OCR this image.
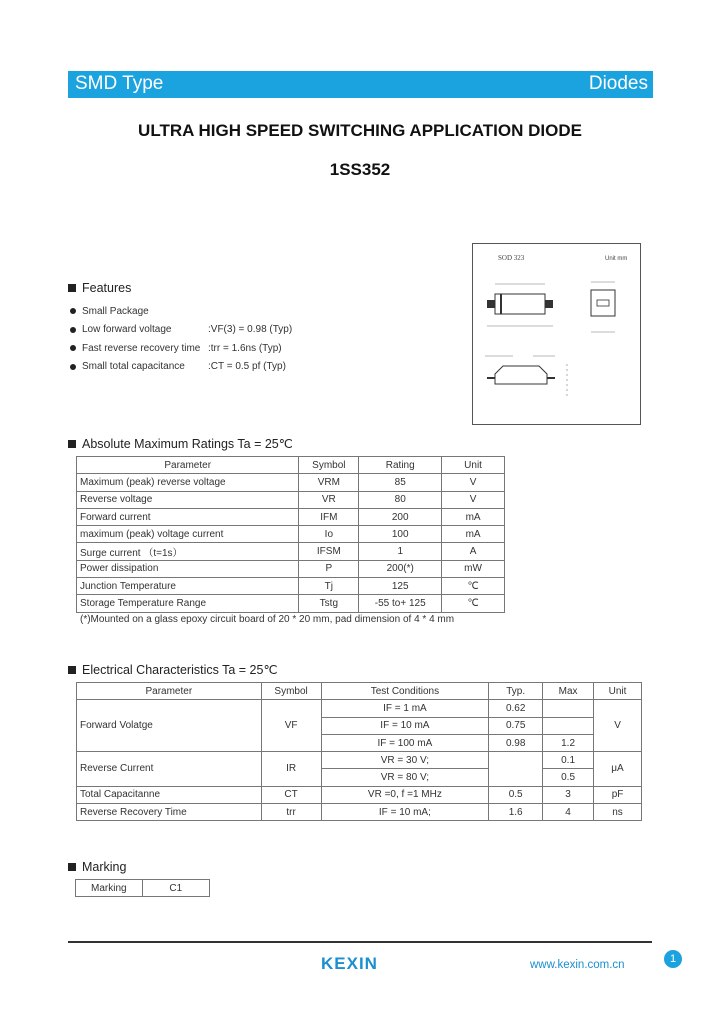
SMD Type	Diodes
ULTRA HIGH SPEED SWITCHING APPLICATION DIODE
1SS352
Features
Small Package
Low forward voltage	:VF(3) = 0.98 (Typ)
Fast reverse recovery time :trr = 1.6ns (Typ)
Small total capacitance	:CT = 0.5 pf (Typ)
SOD 323	Unit mm
Absolute Maximum Ratings Ta = 25℃
Parameter	Symbol	Rating	Unit
Maximum (peak) reverse voltage	VRM	85	V
Reverse voltage	VR	80	V
Forward current	IFM	200	mA
maximum (peak) voltage current	Io	100	mA
Surge current （t=1s）	IFSM	1	A
Power dissipation	P	200(*)	mW
Junction Temperature	Tj	125	℃
Storage Temperature Range	Tstg	-55 to+ 125	℃
(*)Mounted on a glass epoxy circuit board of 20 * 20 mm, pad dimension of 4 * 4 mm
Electrical Characteristics Ta = 25℃
Parameter	Symbol	Test Conditions	Typ.	Max	Unit
Forward Volatge	VF	IF = 1 mA	0.62		V
		IF = 10 mA	0.75		
		IF = 100 mA	0.98	1.2	
Reverse Current	IR	VR = 30 V;		0.1	μA
		VR = 80 V;		0.5	
Total Capacitanne	CT	VR =0, f =1 MHz	0.5	3	pF
Reverse Recovery Time	trr	IF = 10 mA;	1.6	4	ns
Marking
Marking	C1
KEXIN	www.kexin.com.cn	1
